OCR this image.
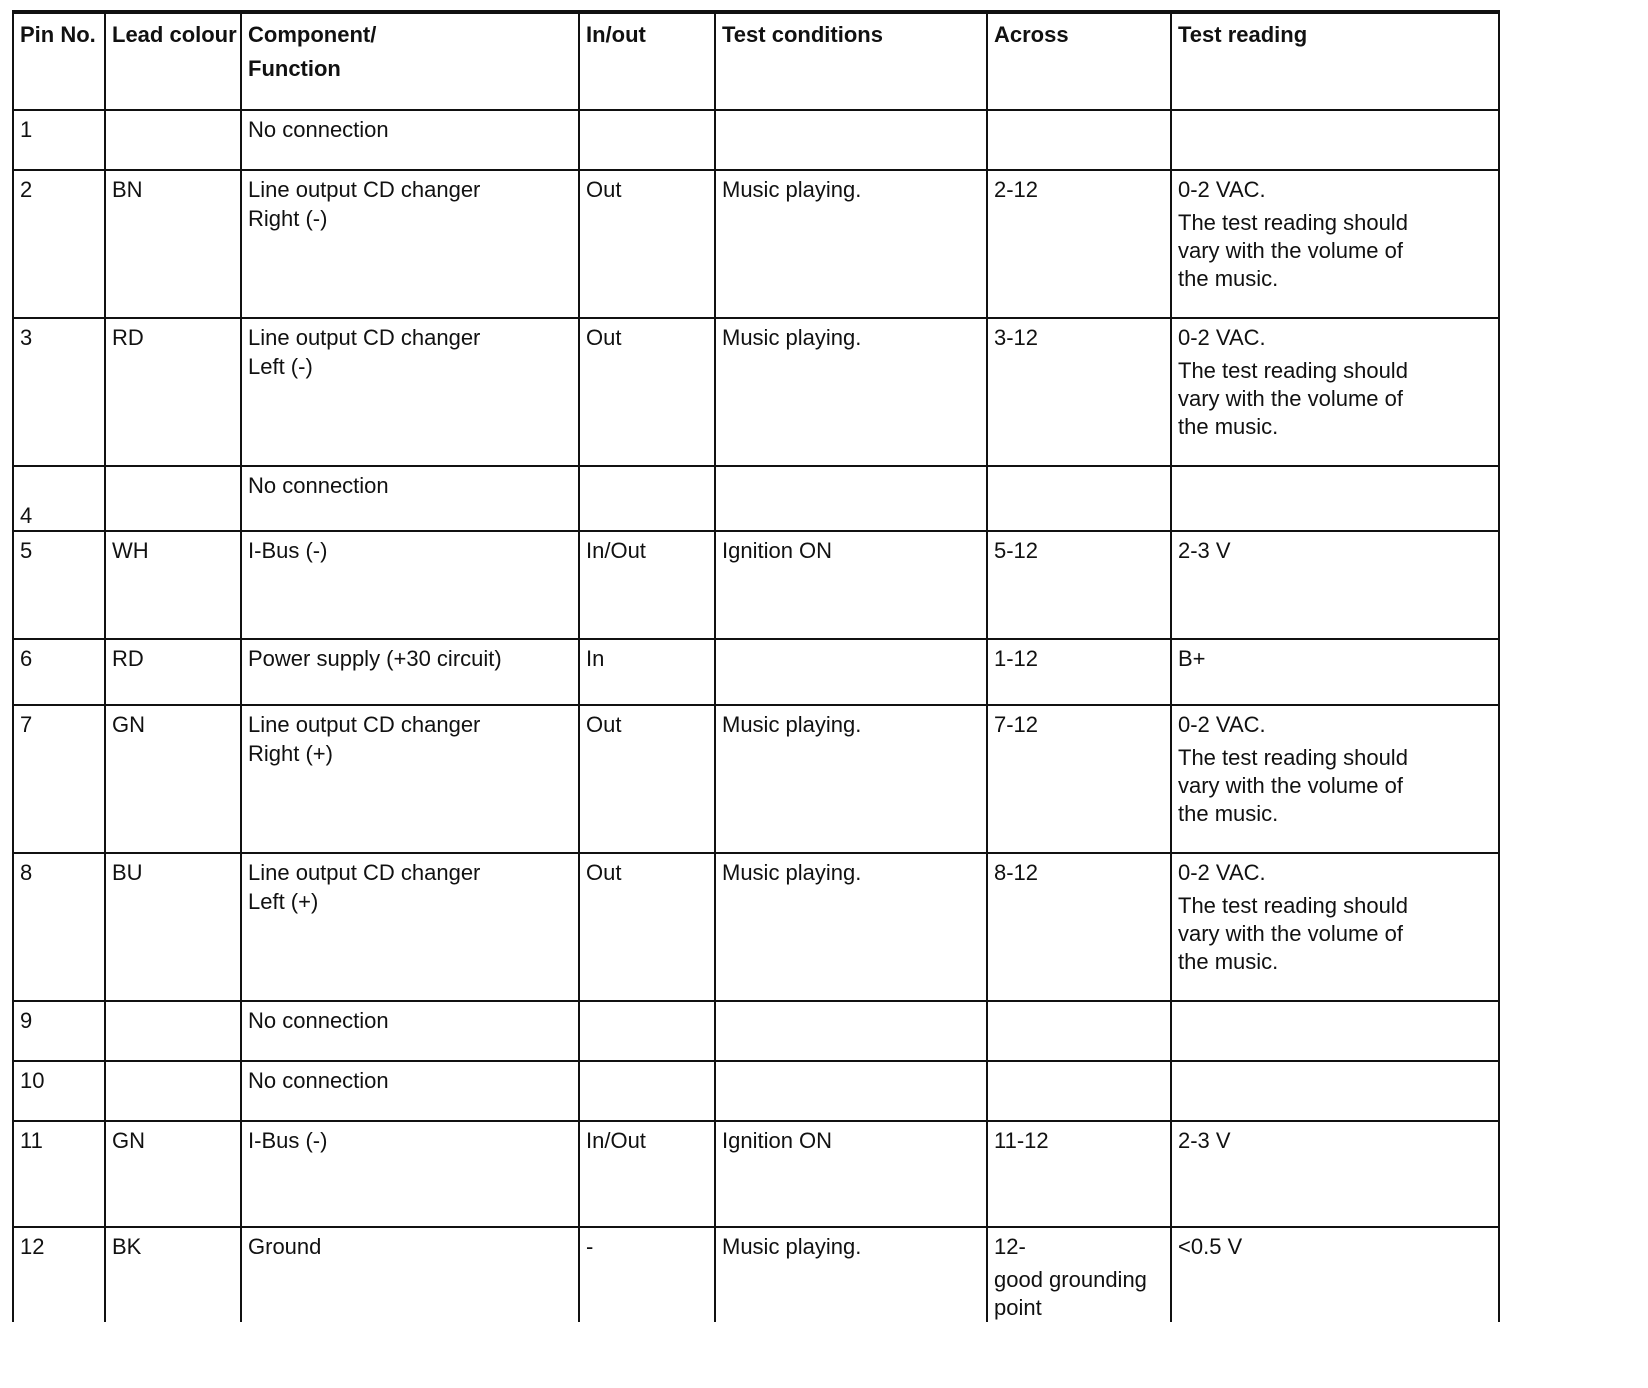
Pin No.	Lead colour	Component/
Function	In/out	Test conditions	Across	Test reading
1		No connection				

2	BN	Line output CD changer
Right (-)	Out	Music playing.	2-12	0-2 VAC.
The test reading should
vary with the volume of
the music.

3	RD	Line output CD changer
Left (-)	Out	Music playing.	3-12	0-2 VAC.
The test reading should
vary with the volume of
the music.

4		No connection				

5	WH	I-Bus (-)	In/Out	Ignition ON	5-12	2-3 V

6	RD	Power supply (+30 circuit)	In		1-12	B+

7	GN	Line output CD changer
Right (+)	Out	Music playing.	7-12	0-2 VAC.
The test reading should
vary with the volume of
the music.

8	BU	Line output CD changer
Left (+)	Out	Music playing.	8-12	0-2 VAC.
The test reading should
vary with the volume of
the music.

9		No connection				

10		No connection				

11	GN	I-Bus (-)	In/Out	Ignition ON	11-12	2-3 V

12	BK	Ground	-	Music playing.	12-
good grounding
point	<0.5 V
